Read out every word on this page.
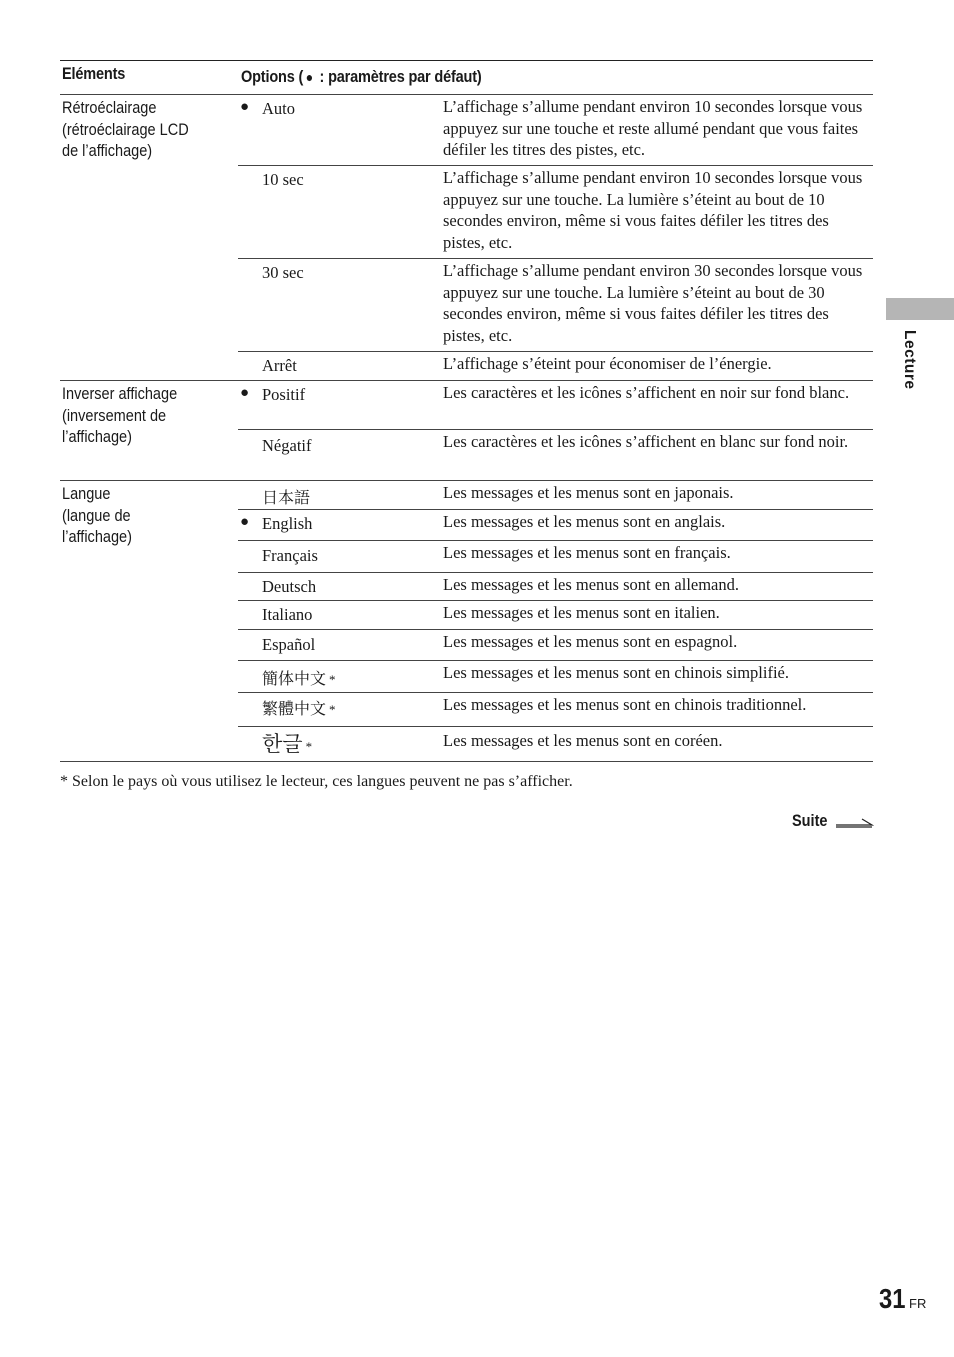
Lecture
Eléments	Options ( ● : paramètres par défaut)
Rétroéclairage
(rétroéclairage LCD
de l’affichage)
● Auto	L’affichage s’allume pendant environ 10 secondes lorsque vous appuyez sur une touche et reste allumé pendant que vous faites défiler les titres des pistes, etc.
10 sec	L’affichage s’allume pendant environ 10 secondes lorsque vous appuyez sur une touche. La lumière s’éteint au bout de 10 secondes environ, même si vous faites défiler les titres des pistes, etc.
30 sec	L’affichage s’allume pendant environ 30 secondes lorsque vous appuyez sur une touche. La lumière s’éteint au bout de 30 secondes environ, même si vous faites défiler les titres des pistes, etc.
Arrêt	L’affichage s’éteint pour économiser de l’énergie.
Inverser affichage
(inversement de
l’affichage)
● Positif	Les caractères et les icônes s’affichent en noir sur fond blanc.
Négatif	Les caractères et les icônes s’affichent en blanc sur fond noir.
Langue
(langue de
l’affichage)
日本語	Les messages et les menus sont en japonais.
● English	Les messages et les menus sont en anglais.
Français	Les messages et les menus sont en français.
Deutsch	Les messages et les menus sont en allemand.
Italiano	Les messages et les menus sont en italien.
Español	Les messages et les menus sont en espagnol.
簡体中文 *	Les messages et les menus sont en chinois simplifié.
繁體中文 *	Les messages et les menus sont en chinois traditionnel.
한글 *	Les messages et les menus sont en coréen.
* Selon le pays où vous utilisez le lecteur, ces langues peuvent ne pas s’afficher.
Suite
31 FR
